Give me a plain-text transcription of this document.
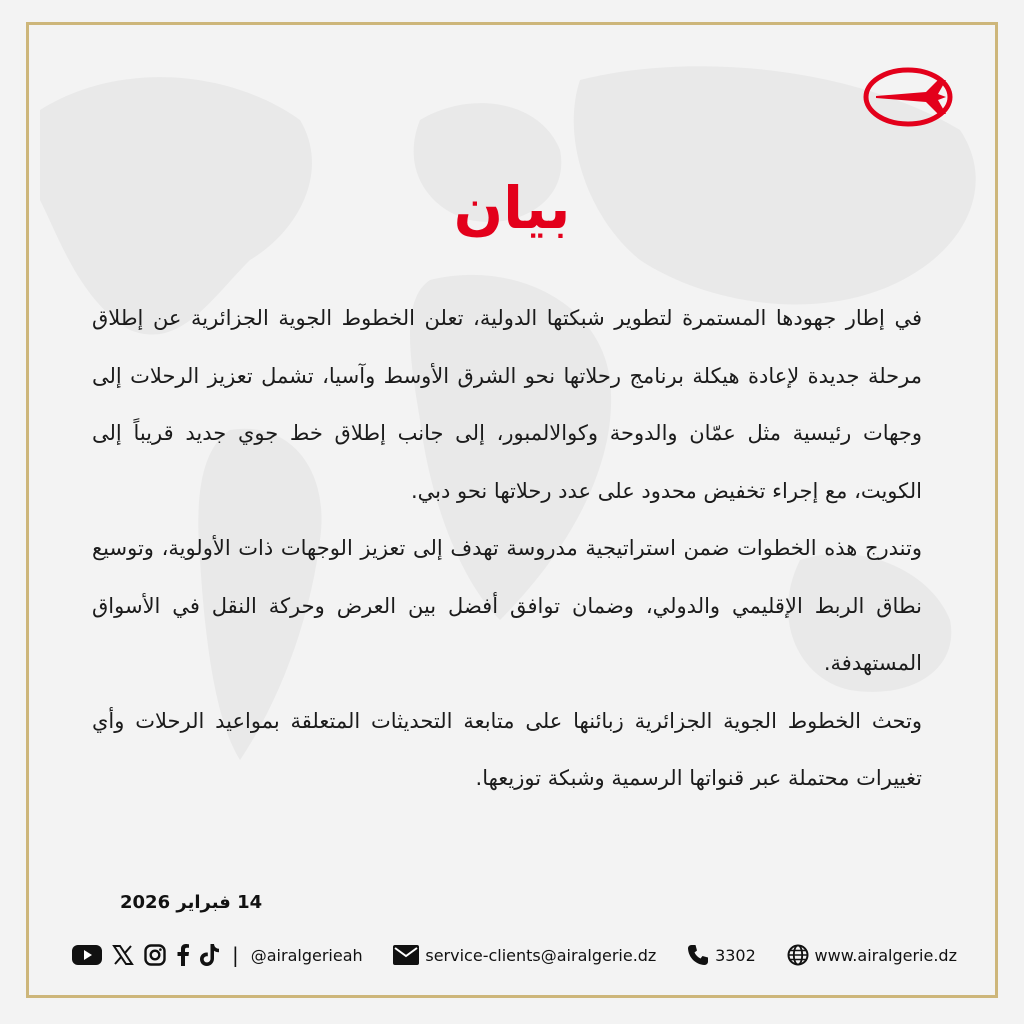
بيان

في إطار جهودها المستمرة لتطوير شبكتها الدولية، تعلن الخطوط الجوية الجزائرية عن إطلاق مرحلة جديدة لإعادة هيكلة برنامج رحلاتها نحو الشرق الأوسط وآسيا، تشمل تعزيز الرحلات إلى وجهات رئيسية مثل عمّان والدوحة وكوالالمبور، إلى جانب إطلاق خط جوي جديد قريباً إلى الكويت، مع إجراء تخفيض محدود على عدد رحلاتها نحو دبي.

وتندرج هذه الخطوات ضمن استراتيجية مدروسة تهدف إلى تعزيز الوجهات ذات الأولوية، وتوسيع نطاق الربط الإقليمي والدولي، وضمان توافق أفضل بين العرض وحركة النقل في الأسواق المستهدفة.

وتحث الخطوط الجوية الجزائرية زبائنها على متابعة التحديثات المتعلقة بمواعيد الرحلات وأي تغييرات محتملة عبر قنواتها الرسمية وشبكة توزيعها.

14 فبراير 2026
| @airalgerieah	service-clients@airalgerie.dz	3302	www.airalgerie.dz
